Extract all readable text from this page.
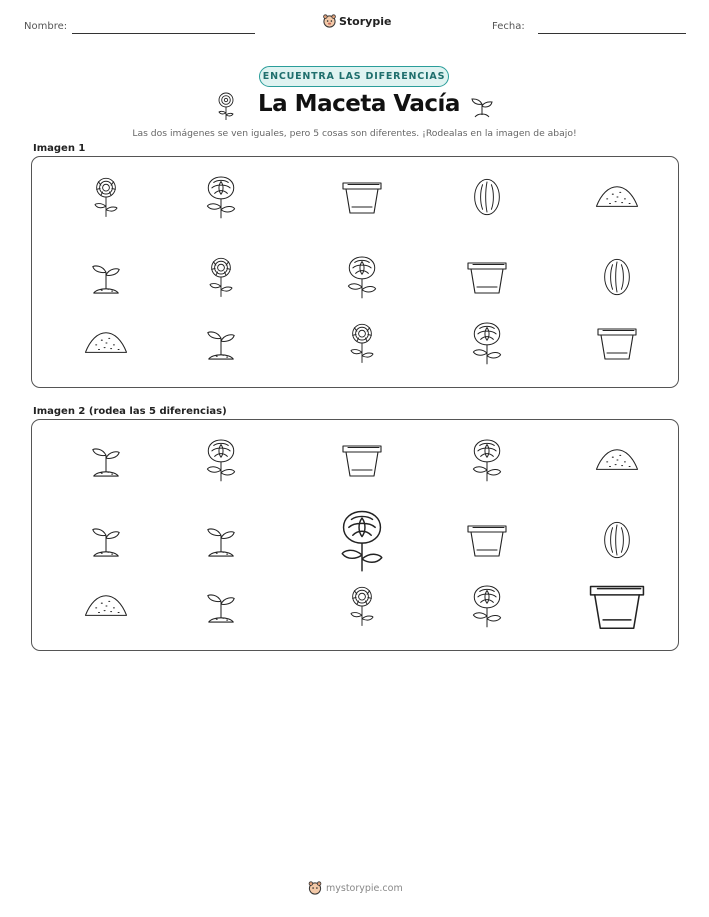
Nombre:	Storypie	Fecha:
ENCUENTRA LAS DIFERENCIAS
La Maceta Vacía
Las dos imágenes se ven iguales, pero 5 cosas son diferentes. ¡Rodealas en la imagen de abajo!
Imagen 1
Imagen 2 (rodea las 5 diferencias)
mystorypie.com
